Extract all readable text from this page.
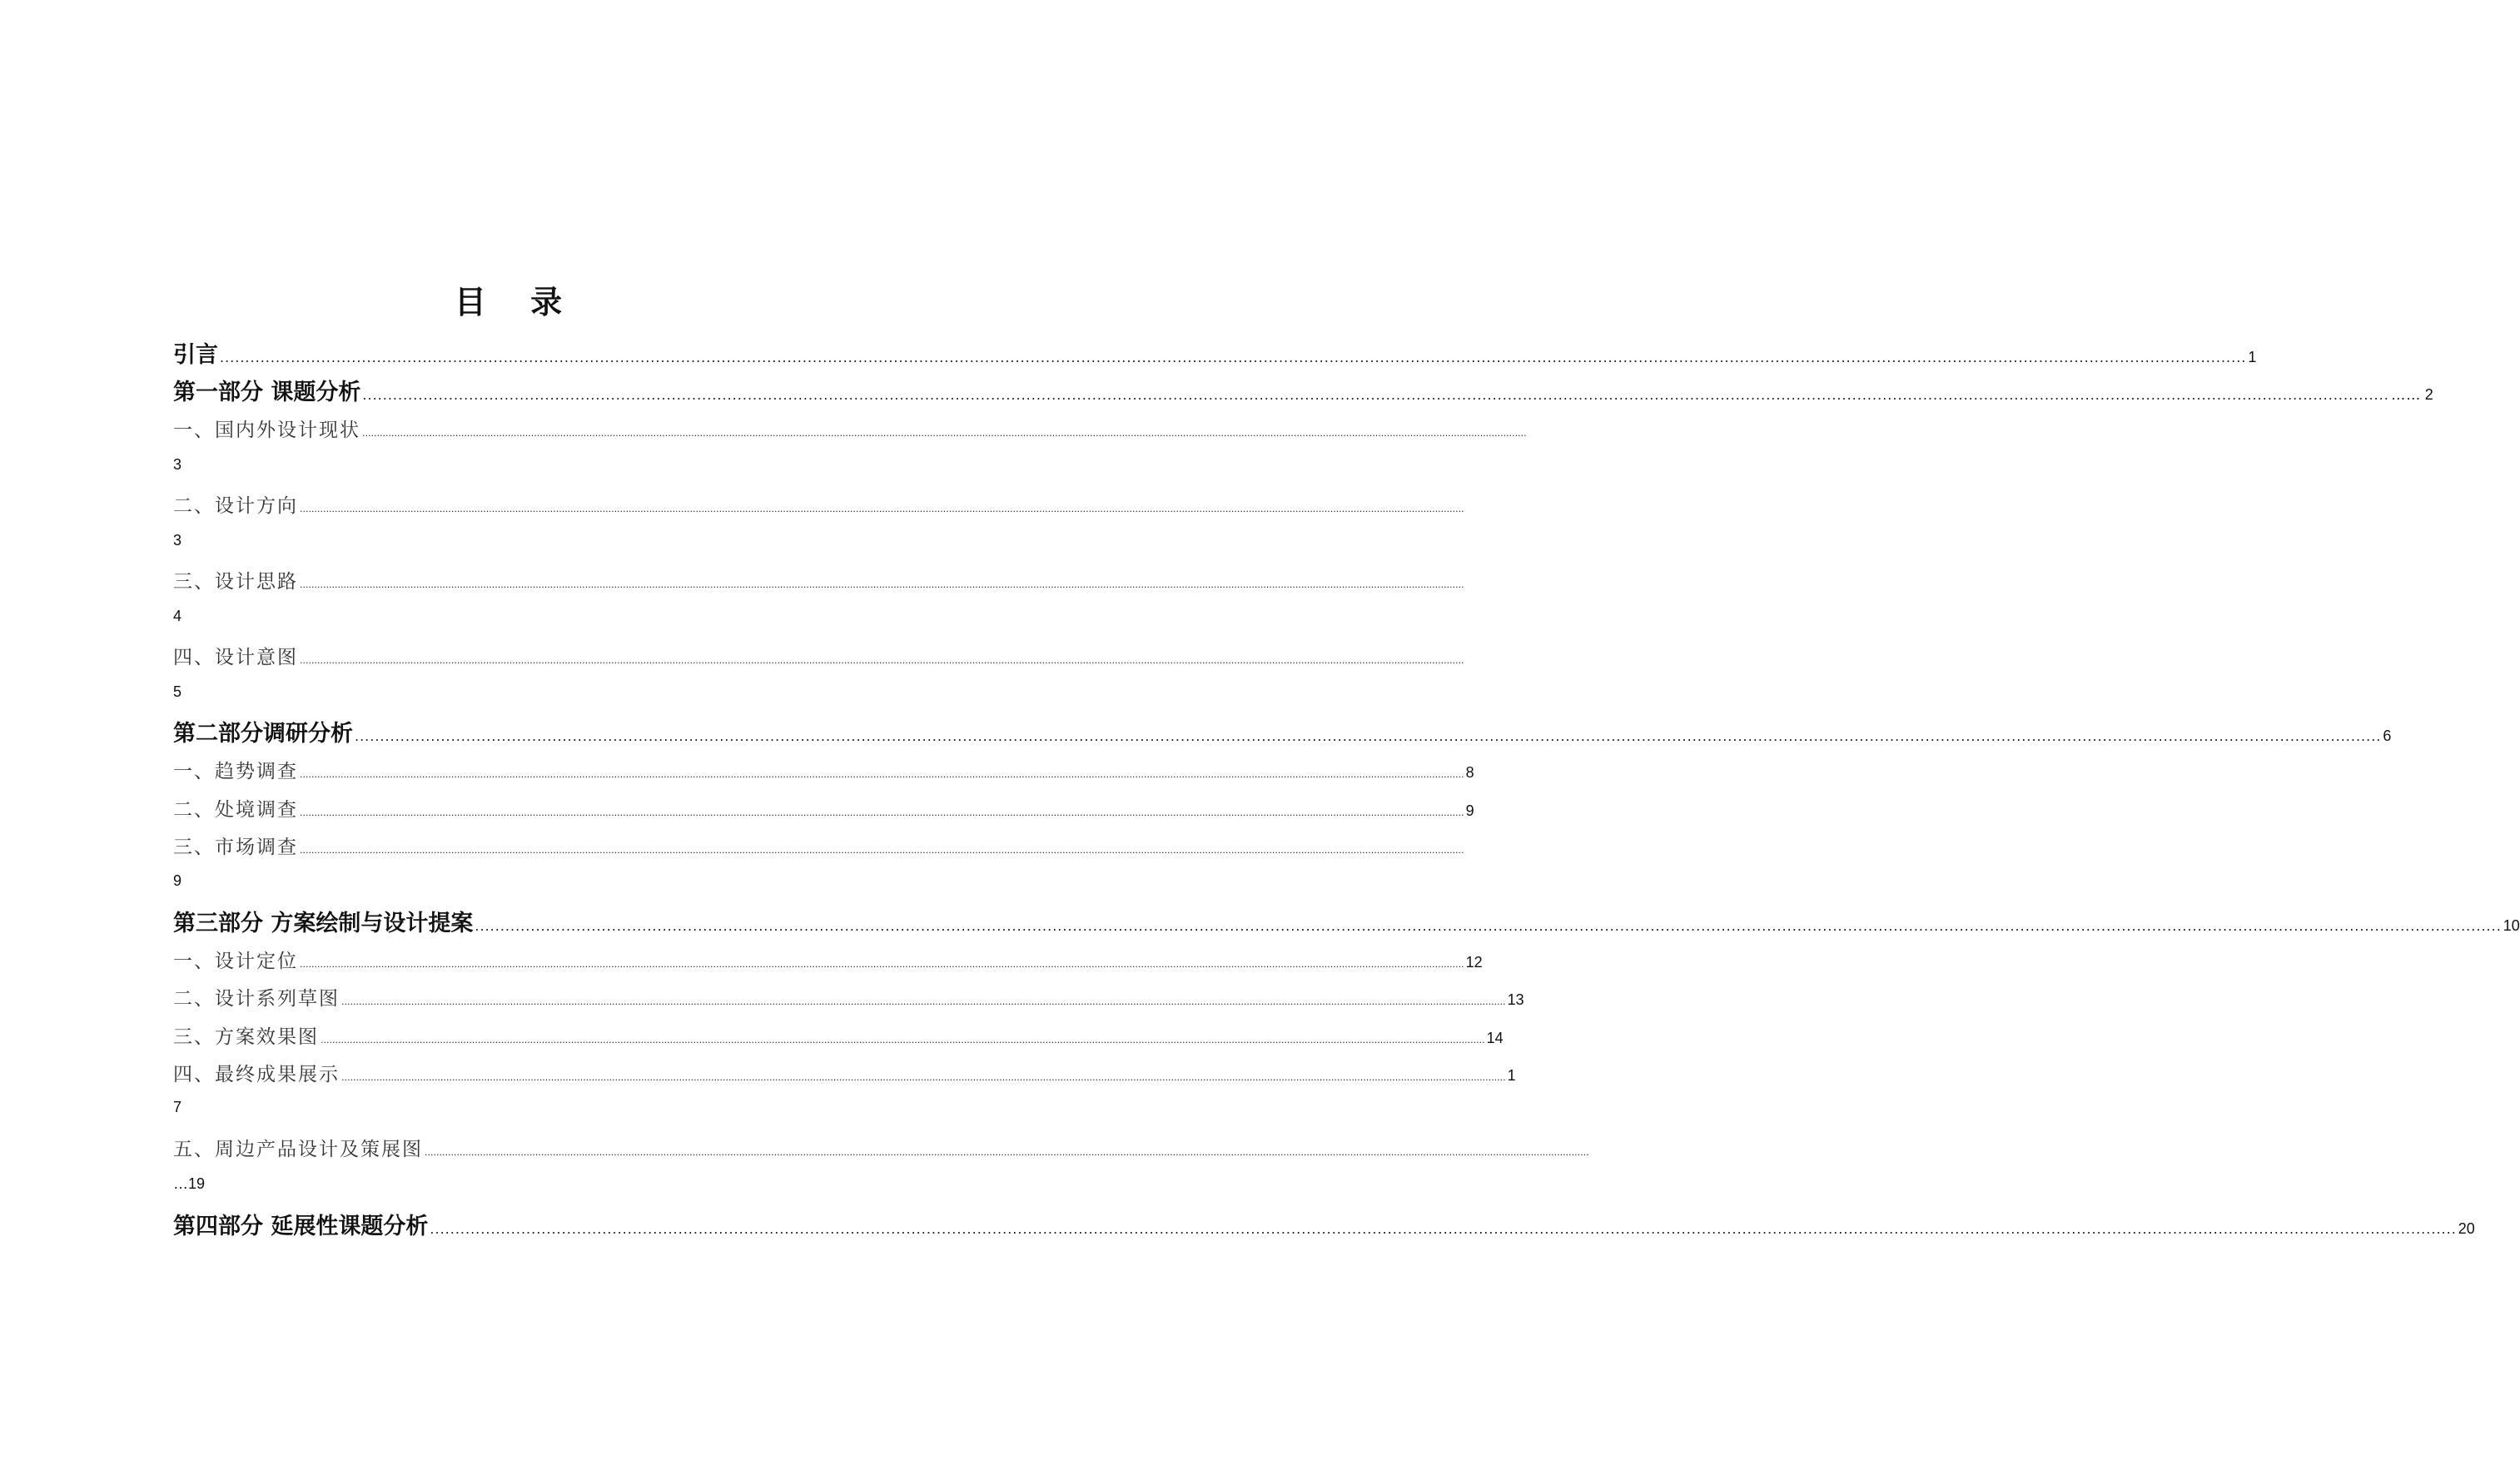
目 录
引言 ................................................................................................................................................................................................................................................................................................................................................................................................................ 1
第一部分 课题分析 ................................................................................................................................................................................................................................................................................................................................................................................................................ …… 2
一、国内外设计现状 ................................................................................................................................................................................................................................................................................................................................................................................................................
3
二、设计方向 ................................................................................................................................................................................................................................................................................................................................................................................................................
3
三、设计思路 ................................................................................................................................................................................................................................................................................................................................................................................................................
4
四、设计意图 ................................................................................................................................................................................................................................................................................................................................................................................................................
5
第二部分调研分析 ................................................................................................................................................................................................................................................................................................................................................................................................................ 6
一、趋势调查 ................................................................................................................................................................................................................................................................................................................................................................................................................ 8
二、处境调查 ................................................................................................................................................................................................................................................................................................................................................................................................................ 9
三、市场调查 ................................................................................................................................................................................................................................................................................................................................................................................................................
9
第三部分 方案绘制与设计提案 ................................................................................................................................................................................................................................................................................................................................................................................................................ 10
一、设计定位 ................................................................................................................................................................................................................................................................................................................................................................................................................ 12
二、设计系列草图 ................................................................................................................................................................................................................................................................................................................................................................................................................ 13
三、方案效果图 ................................................................................................................................................................................................................................................................................................................................................................................................................ 14
四、最终成果展示 ................................................................................................................................................................................................................................................................................................................................................................................................................ 1
7
五、周边产品设计及策展图 ................................................................................................................................................................................................................................................................................................................................................................................................................
…19
第四部分 延展性课题分析 ................................................................................................................................................................................................................................................................................................................................................................................................................ 20
